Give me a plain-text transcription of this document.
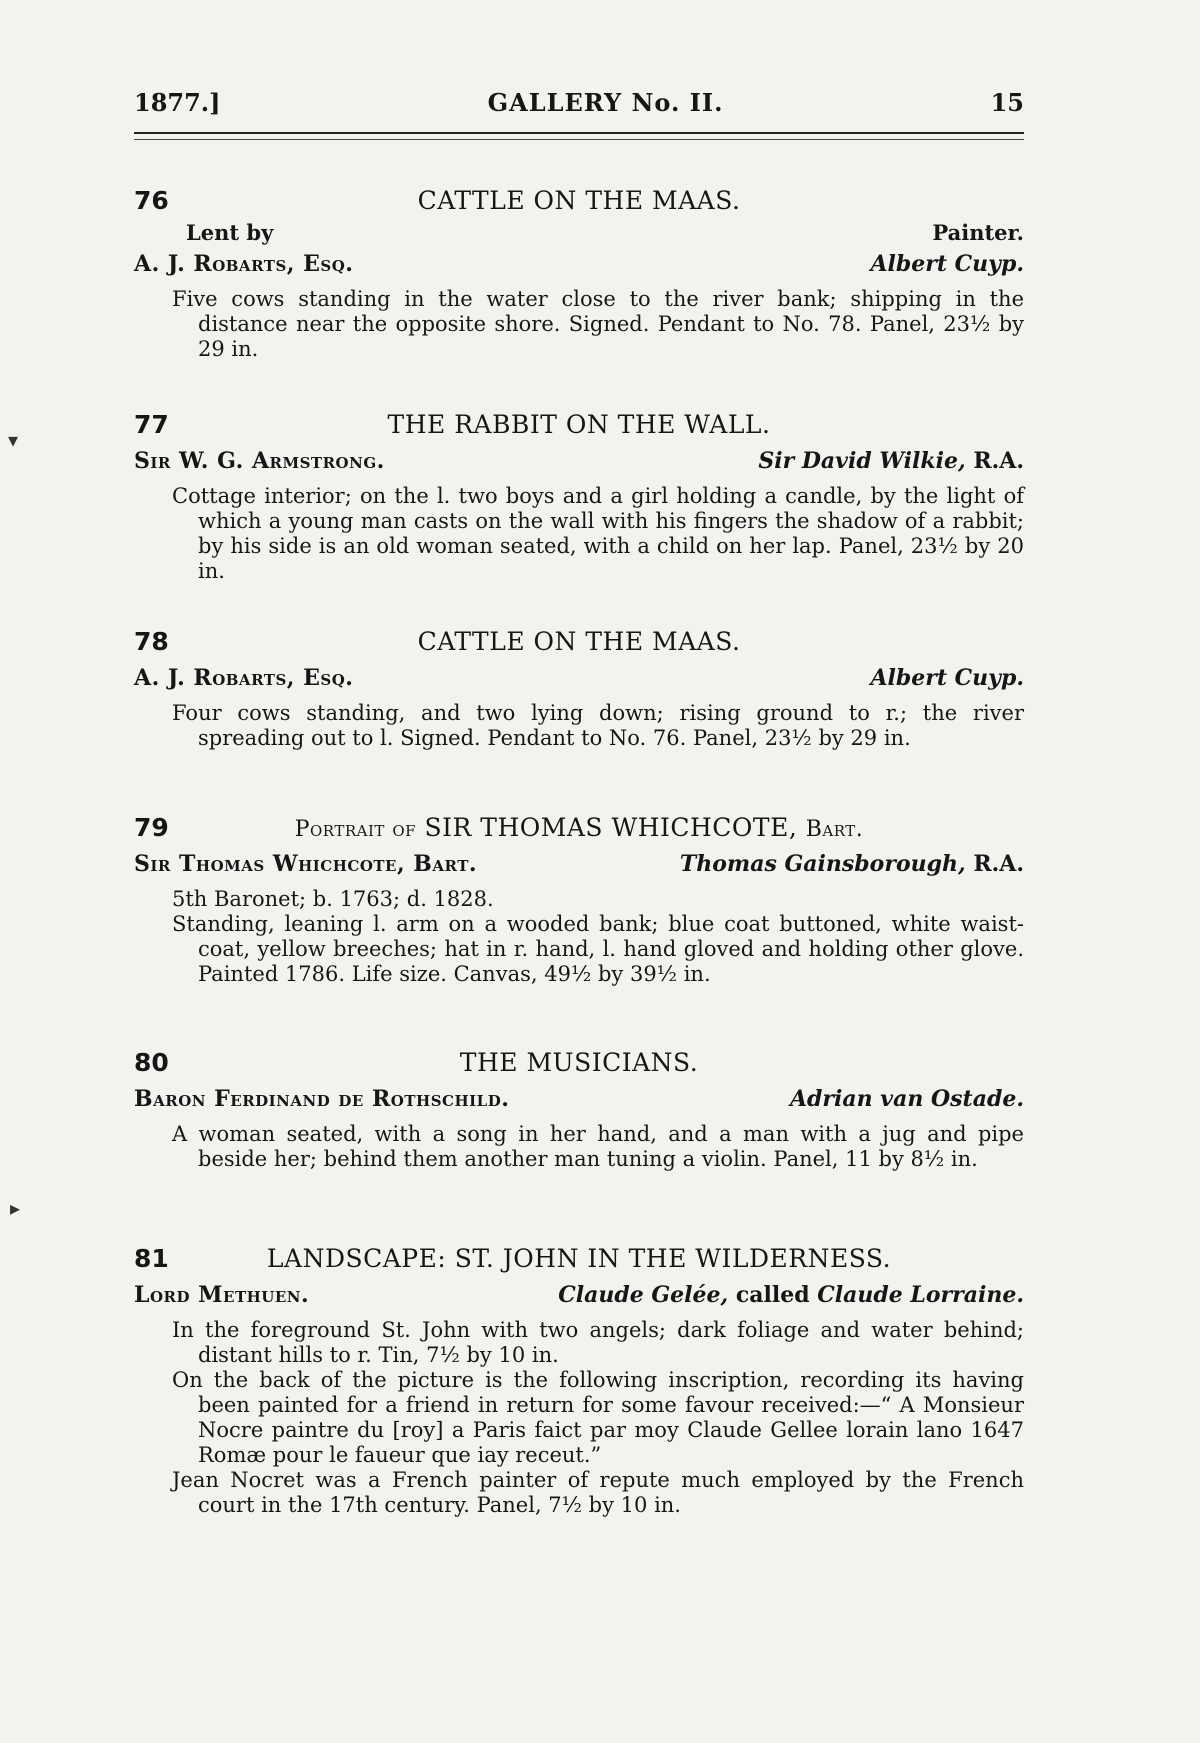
1877.]	GALLERY No. II.	15
76	CATTLE ON THE MAAS.
Lent by	Painter.
A. J. Robarts, Esq.	Albert Cuyp.

Five cows standing in the water close to the river bank; shipping in the distance near the opposite shore. Signed. Pendant to No. 78. Panel, 23½ by 29 in.

77	THE RABBIT ON THE WALL.
Sir W. G. Armstrong.	Sir David Wilkie, R.A.

Cottage interior; on the l. two boys and a girl holding a candle, by the light of which a young man casts on the wall with his fingers the shadow of a rabbit; by his side is an old woman seated, with a child on her lap. Panel, 23½ by 20 in.

78	CATTLE ON THE MAAS.
A. J. Robarts, Esq.	Albert Cuyp.

Four cows standing, and two lying down; rising ground to r.; the river spreading out to l. Signed. Pendant to No. 76. Panel, 23½ by 29 in.

79	Portrait of SIR THOMAS WHICHCOTE, Bart.
Sir Thomas Whichcote, Bart.	Thomas Gainsborough, R.A.

5th Baronet; b. 1763; d. 1828.

Standing, leaning l. arm on a wooded bank; blue coat buttoned, white waist-coat, yellow breeches; hat in r. hand, l. hand gloved and holding other glove. Painted 1786. Life size. Canvas, 49½ by 39½ in.

80	THE MUSICIANS.
Baron Ferdinand de Rothschild.	Adrian van Ostade.

A woman seated, with a song in her hand, and a man with a jug and pipe beside her; behind them another man tuning a violin. Panel, 11 by 8½ in.

81	LANDSCAPE: ST. JOHN IN THE WILDERNESS.
Lord Methuen.	Claude Gelée, called Claude Lorraine.

In the foreground St. John with two angels; dark foliage and water behind; distant hills to r. Tin, 7½ by 10 in.

On the back of the picture is the following inscription, recording its having been painted for a friend in return for some favour received:—“ A Monsieur Nocre paintre du [roy] a Paris faict par moy Claude Gellee lorain lano 1647 Romæ pour le faueur que iay receut.”

Jean Nocret was a French painter of repute much employed by the French court in the 17th century. Panel, 7½ by 10 in.

▾
▸
